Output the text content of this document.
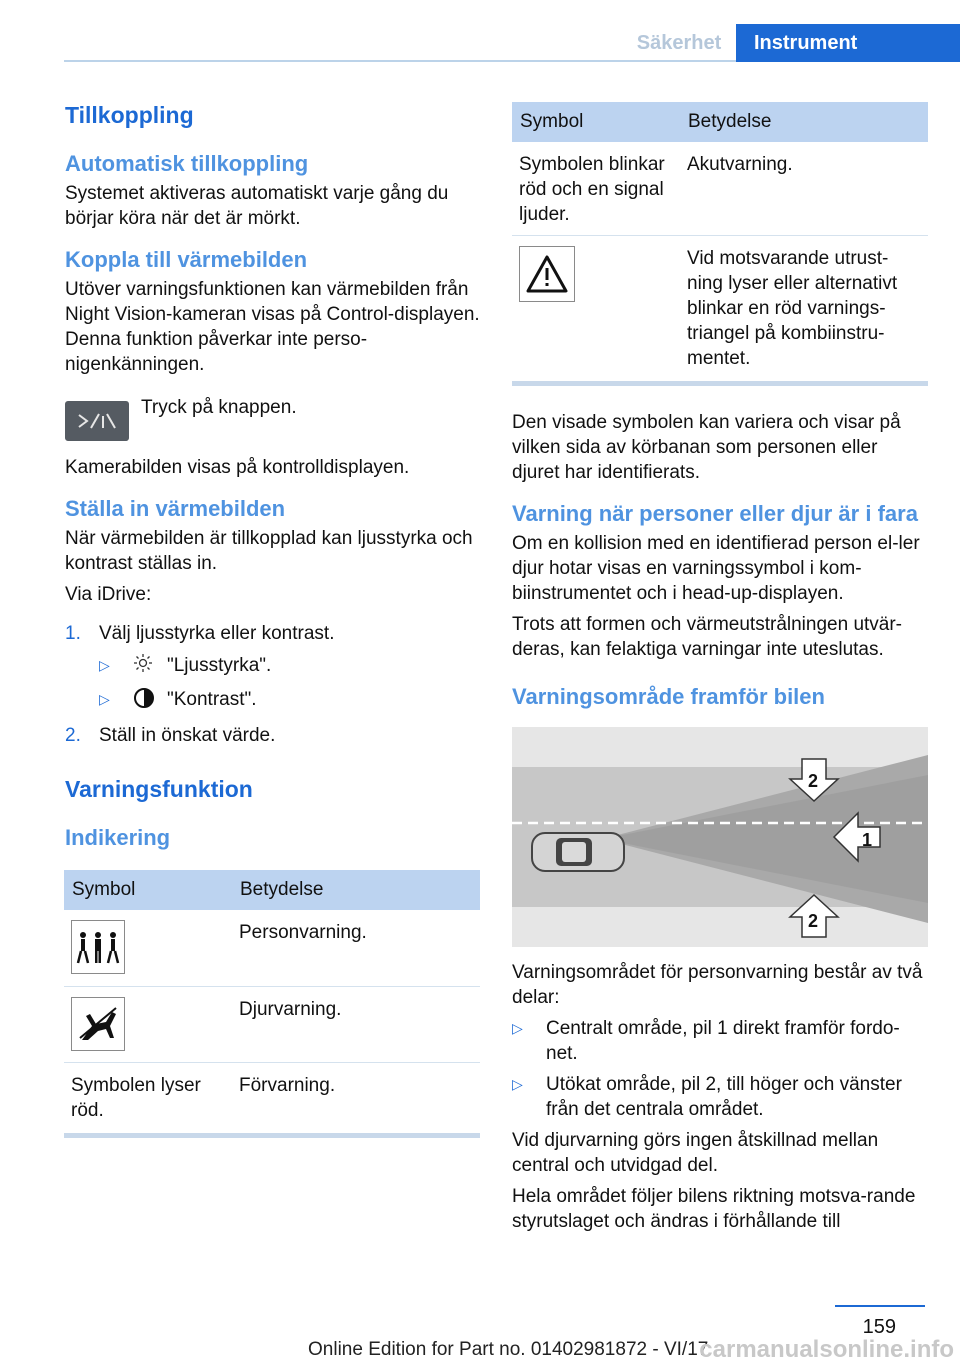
Säkerhet	Instrument
Tillkoppling
Automatisk tillkoppling

Systemet aktiveras automatiskt varje gång du börjar köra när det är mörkt.

Koppla till värmebilden

Utöver varningsfunktionen kan värmebilden från Night Vision-kameran visas på Control-displayen. Denna funktion påverkar inte perso-nigenkänningen.

Tryck på knappen.

Kamerabilden visas på kontrolldisplayen.

Ställa in värmebilden

När värmebilden är tillkopplad kan ljusstyrka och kontrast ställas in.

Via iDrive:

1. Välj ljusstyrka eller kontrast.
▷	"Ljusstyrka".
▷	"Kontrast".
2. Ställ in önskat värde.
Varningsfunktion
Indikering
Symbol	Betydelse

	Personvarning.

	Djurvarning.
Symbolen lyser röd.	Förvarning.
Symbol	Betydelse
Symbolen blinkar röd och en signal ljuder.	Akutvarning.

	Vid motsvarande utrust-ning lyser eller alternativt blinkar en röd varnings-triangel på kombiinstru-mentet.

Den visade symbolen kan variera och visar på vilken sida av körbanan som personen eller djuret har identifierats.

Varning när personer eller djur är i fara

Om en kollision med en identifierad person el-ler djur hotar visas en varningssymbol i kom-biinstrumentet och i head-up-displayen.

Trots att formen och värmeutstrålningen utvär-deras, kan felaktiga varningar inte uteslutas.

Varningsområde framför bilen
1
2
2

Varningsområdet för personvarning består av två delar:

▷	Centralt område, pil 1 direkt framför fordo-net.
▷	Utökat område, pil 2, till höger och vänster från det centrala området.

Vid djurvarning görs ingen åtskillnad mellan central och utvidgad del.

Hela området följer bilens riktning motsva-rande styrutslaget och ändras i förhållande till

159
Online Edition for Part no. 01402981872 - VI/17
carmanualsonline.info
